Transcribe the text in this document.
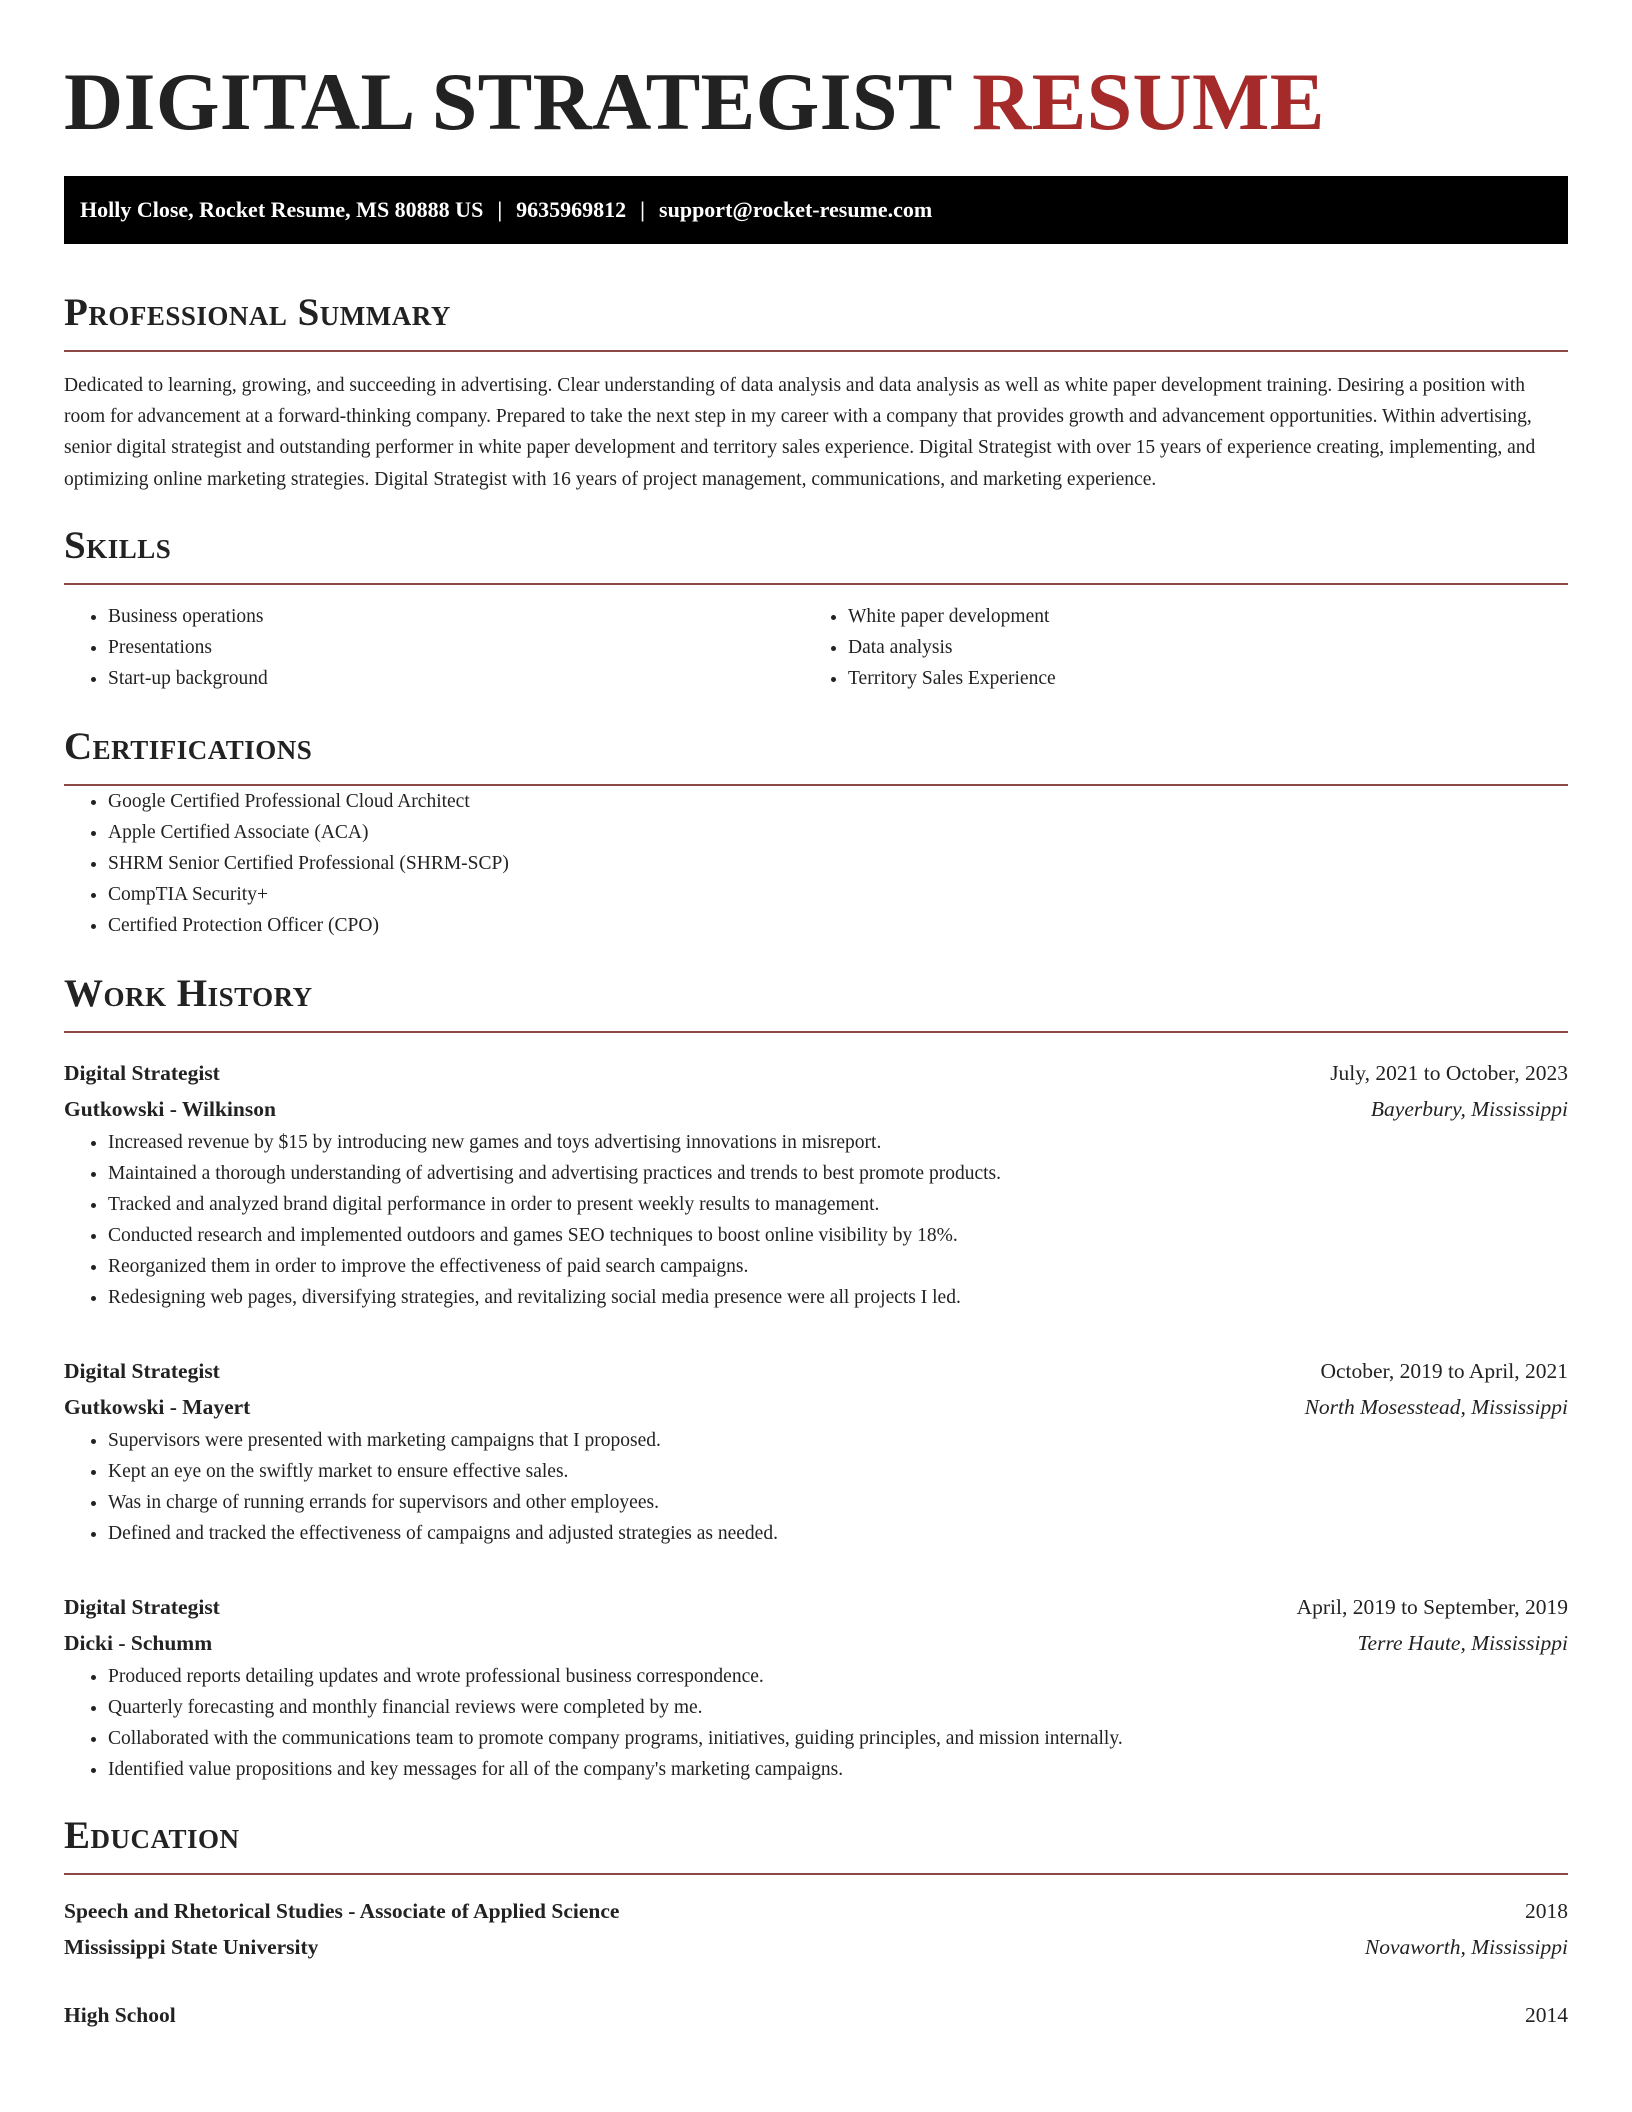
DIGITAL STRATEGIST RESUME
Holly Close, Rocket Resume, MS 80888 US | 9635969812 | support@rocket-resume.com
Professional Summary

Dedicated to learning, growing, and succeeding in advertising. Clear understanding of data analysis and data analysis as well as white paper development training. Desiring a position with room for advancement at a forward-thinking company. Prepared to take the next step in my career with a company that provides growth and advancement opportunities. Within advertising, senior digital strategist and outstanding performer in white paper development and territory sales experience. Digital Strategist with over 15 years of experience creating, implementing, and optimizing online marketing strategies. Digital Strategist with 16 years of project management, communications, and marketing experience.

Skills
• Business operations
• Presentations
• Start-up background
• White paper development
• Data analysis
• Territory Sales Experience
Certifications
• Google Certified Professional Cloud Architect
• Apple Certified Associate (ACA)
• SHRM Senior Certified Professional (SHRM-SCP)
• CompTIA Security+
• Certified Protection Officer (CPO)
Work History
Digital Strategist	July, 2021 to October, 2023
Gutkowski - Wilkinson	Bayerbury, Mississippi
• Increased revenue by $15 by introducing new games and toys advertising innovations in misreport.
• Maintained a thorough understanding of advertising and advertising practices and trends to best promote products.
• Tracked and analyzed brand digital performance in order to present weekly results to management.
• Conducted research and implemented outdoors and games SEO techniques to boost online visibility by 18%.
• Reorganized them in order to improve the effectiveness of paid search campaigns.
• Redesigning web pages, diversifying strategies, and revitalizing social media presence were all projects I led.
Digital Strategist	October, 2019 to April, 2021
Gutkowski - Mayert	North Mosesstead, Mississippi
• Supervisors were presented with marketing campaigns that I proposed.
• Kept an eye on the swiftly market to ensure effective sales.
• Was in charge of running errands for supervisors and other employees.
• Defined and tracked the effectiveness of campaigns and adjusted strategies as needed.
Digital Strategist	April, 2019 to September, 2019
Dicki - Schumm	Terre Haute, Mississippi
• Produced reports detailing updates and wrote professional business correspondence.
• Quarterly forecasting and monthly financial reviews were completed by me.
• Collaborated with the communications team to promote company programs, initiatives, guiding principles, and mission internally.
• Identified value propositions and key messages for all of the company's marketing campaigns.
Education
Speech and Rhetorical Studies - Associate of Applied Science	2018
Mississippi State University	Novaworth, Mississippi
High School	2014
